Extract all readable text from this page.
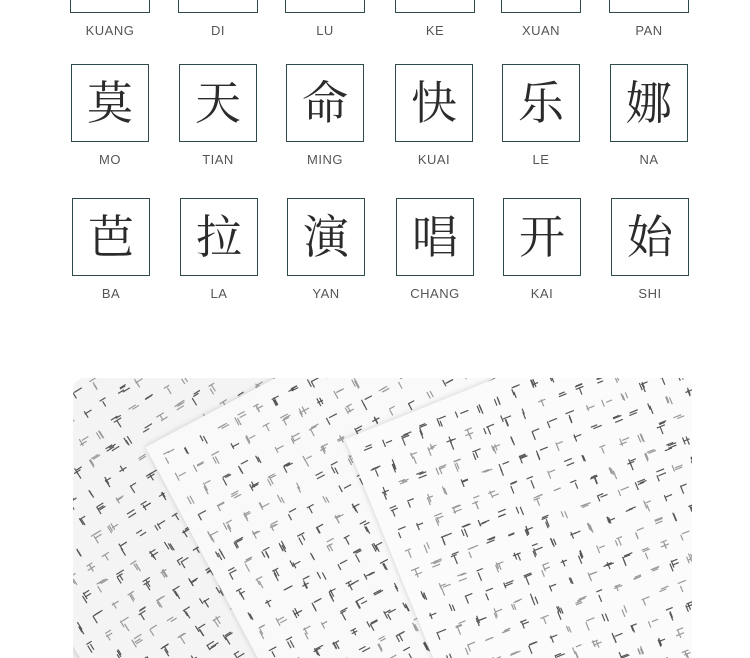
KUANG	DI	LU	KE	XUAN	PAN
莫
MO
天
TIAN
命
MING
快
KUAI
乐
LE
娜
NA
芭
BA
拉
LA
演
YAN
唱
CHANG
开
KAI
始
SHI
